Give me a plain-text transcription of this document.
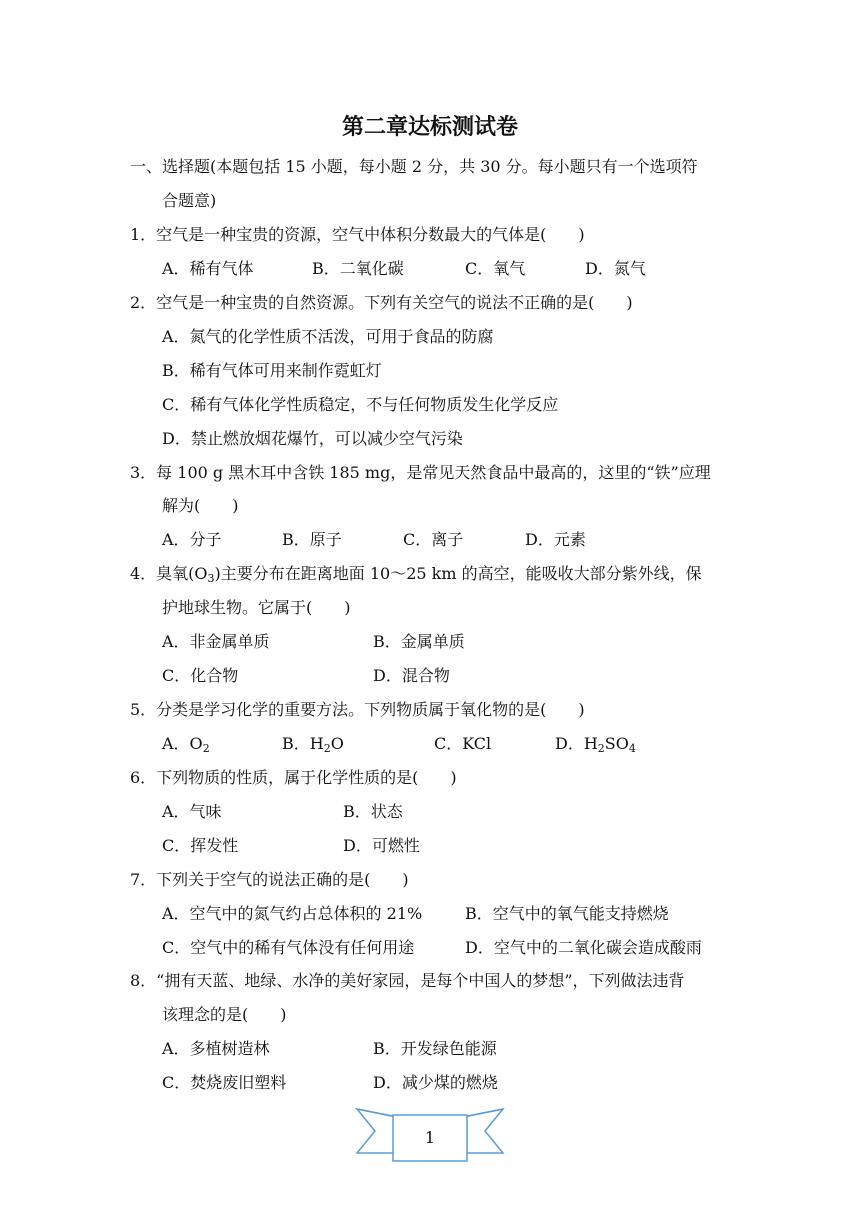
第二章达标测试卷
一、选择题(本题包括 15 小题，每小题 2 分，共 30 分。每小题只有一个选项符
合题意)
1．空气是一种宝贵的资源，空气中体积分数最大的气体是(　　)
A．稀有气体	B．二氧化碳	C．氧气	D．氮气
2．空气是一种宝贵的自然资源。下列有关空气的说法不正确的是(　　)
A．氮气的化学性质不活泼，可用于食品的防腐
B．稀有气体可用来制作霓虹灯
C．稀有气体化学性质稳定，不与任何物质发生化学反应
D．禁止燃放烟花爆竹，可以减少空气污染
3．每 100 g 黑木耳中含铁 185 mg，是常见天然食品中最高的，这里的“铁”应理
解为(　　)
A．分子	B．原子	C．离子	D．元素
4．臭氧$(O_3)$主要分布在距离地面 10～25 km 的高空，能吸收大部分紫外线，保
护地球生物。它属于(　　)
A．非金属单质	B．金属单质
C．化合物	D．混合物
5．分类是学习化学的重要方法。下列物质属于氧化物的是(　　)
A．$O_2$	B．$H_2O$	C．KCl	D．$H_2SO_4$
6．下列物质的性质，属于化学性质的是(　　)
A．气味	B．状态
C．挥发性	D．可燃性
7．下列关于空气的说法正确的是(　　)
A．空气中的氮气约占总体积的 21%	B．空气中的氧气能支持燃烧
C．空气中的稀有气体没有任何用途	D．空气中的二氧化碳会造成酸雨
8．“拥有天蓝、地绿、水净的美好家园，是每个中国人的梦想”，下列做法违背
该理念的是(　　)
A．多植树造林	B．开发绿色能源
C．焚烧废旧塑料	D．减少煤的燃烧
1
